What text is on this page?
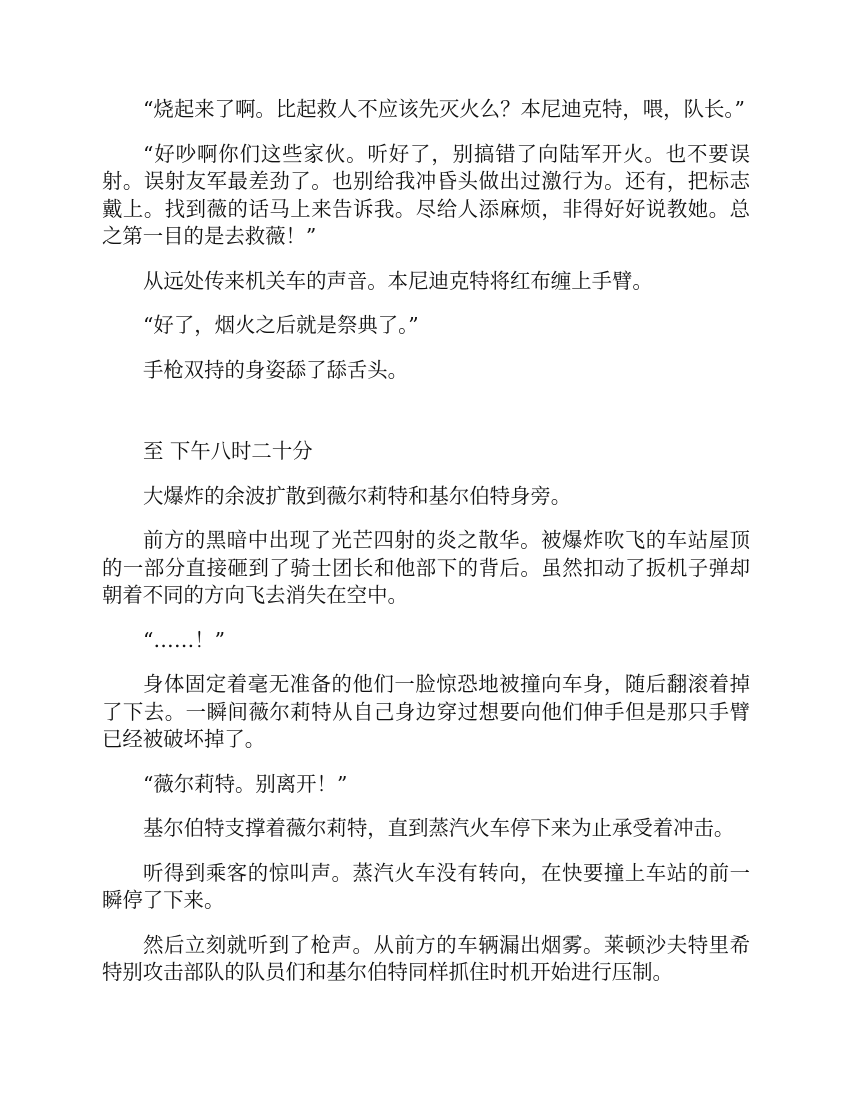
“烧起来了啊。比起救人不应该先灭火么？本尼迪克特，喂，队长。”

“好吵啊你们这些家伙。听好了，别搞错了向陆军开火。也不要误射。误射友军最差劲了。也别给我冲昏头做出过激行为。还有，把标志戴上。找到薇的话马上来告诉我。尽给人添麻烦，非得好好说教她。总之第一目的是去救薇！”

从远处传来机关车的声音。本尼迪克特将红布缠上手臂。

“好了，烟火之后就是祭典了。”

手枪双持的身姿舔了舔舌头。

至 下午八时二十分

大爆炸的余波扩散到薇尔莉特和基尔伯特身旁。

前方的黑暗中出现了光芒四射的炎之散华。被爆炸吹飞的车站屋顶的一部分直接砸到了骑士团长和他部下的背后。虽然扣动了扳机子弹却朝着不同的方向飞去消失在空中。

“……！”

身体固定着毫无准备的他们一脸惊恐地被撞向车身，随后翻滚着掉了下去。一瞬间薇尔莉特从自己身边穿过想要向他们伸手但是那只手臂已经被破坏掉了。

“薇尔莉特。别离开！”

基尔伯特支撑着薇尔莉特，直到蒸汽火车停下来为止承受着冲击。

听得到乘客的惊叫声。蒸汽火车没有转向，在快要撞上车站的前一瞬停了下来。

然后立刻就听到了枪声。从前方的车辆漏出烟雾。莱顿沙夫特里希特别攻击部队的队员们和基尔伯特同样抓住时机开始进行压制。
